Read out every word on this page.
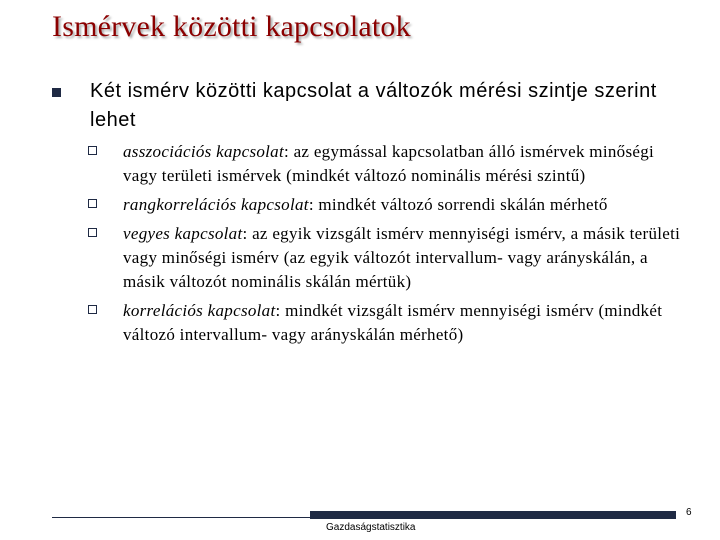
Ismérvek közötti kapcsolatok
Két ismérv közötti kapcsolat a változók mérési szintje szerint lehet
asszociációs kapcsolat: az egymással kapcsolatban álló ismérvek minőségi vagy területi ismérvek (mindkét változó nominális mérési szintű)
rangkorrelációs kapcsolat: mindkét változó sorrendi skálán mérhető
vegyes kapcsolat: az egyik vizsgált ismérv mennyiségi ismérv, a másik területi vagy minőségi ismérv (az egyik változót intervallum- vagy arányskálán, a másik változót nominális skálán mértük)
korrelációs kapcsolat: mindkét vizsgált ismérv mennyiségi ismérv (mindkét változó intervallum- vagy arányskálán mérhető)
Gazdaságstatisztika
6
